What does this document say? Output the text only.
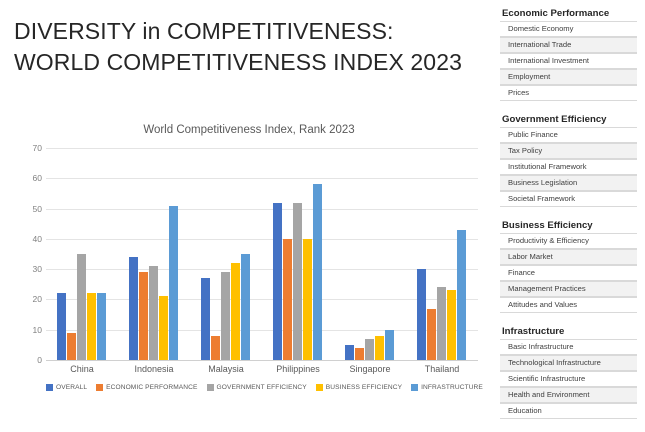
DIVERSITY in COMPETITIVENESS:
WORLD COMPETITIVENESS INDEX 2023
World Competitiveness Index, Rank 2023
0
10
20
30
40
50
60
70
China	Indonesia	Malaysia	Philippines	Singapore	Thailand
OVERALL	ECONOMIC PERFORMANCE	GOVERNMENT EFFICIENCY	BUSINESS EFFICIENCY	INFRASTRUCTURE
Economic Performance
Domestic Economy
International Trade
International Investment
Employment
Prices
Government Efficiency
Public Finance
Tax Policy
Institutional Framework
Business Legislation
Societal Framework
Business Efficiency
Productivity & Efficiency
Labor Market
Finance
Management Practices
Attitudes and Values
Infrastructure
Basic Infrastructure
Technological Infrastructure
Scientific Infrastructure
Health and Environment
Education
